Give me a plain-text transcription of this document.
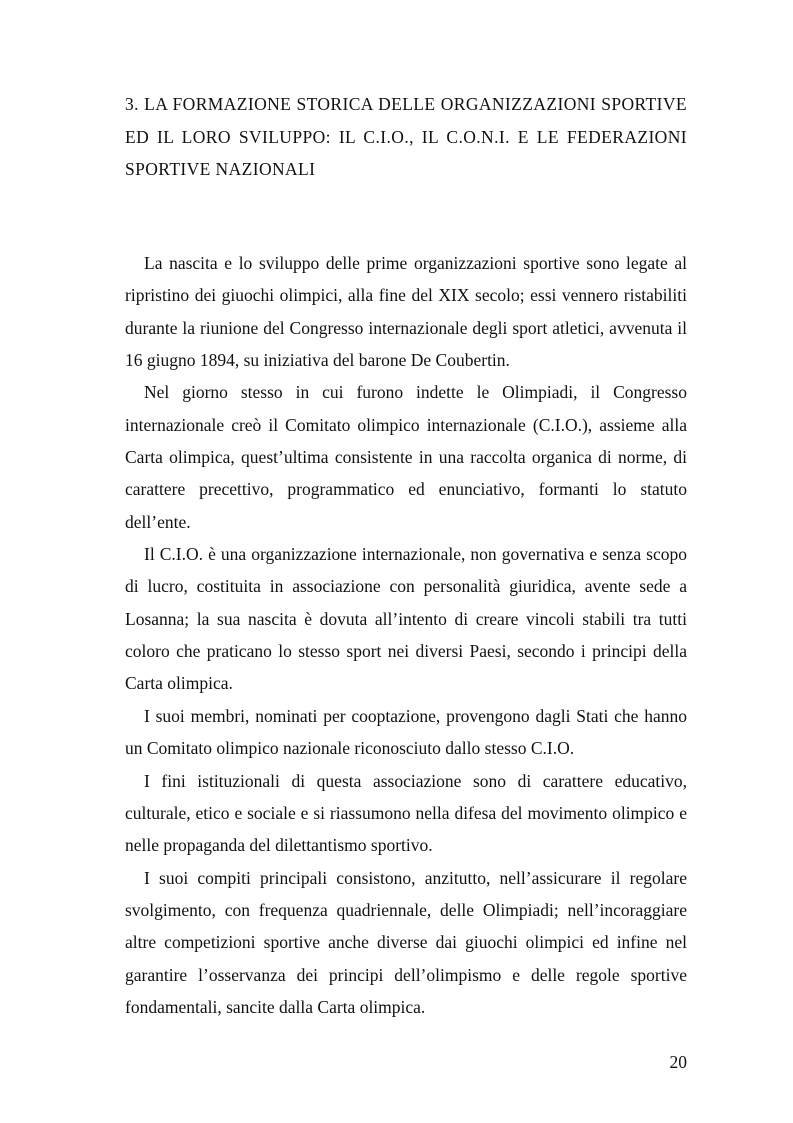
3. LA FORMAZIONE STORICA DELLE ORGANIZZAZIONI SPORTIVE ED IL LORO SVILUPPO: IL C.I.O., IL C.O.N.I. E LE FEDERAZIONI SPORTIVE NAZIONALI

La nascita e lo sviluppo delle prime organizzazioni sportive sono legate al ripristino dei giuochi olimpici, alla fine del XIX secolo; essi vennero ristabiliti durante la riunione del Congresso internazionale degli sport atletici, avvenuta il 16 giugno 1894, su iniziativa del barone De Coubertin.

Nel giorno stesso in cui furono indette le Olimpiadi, il Congresso internazionale creò il Comitato olimpico internazionale (C.I.O.), assieme alla Carta olimpica, quest’ultima consistente in una raccolta organica di norme, di carattere precettivo, programmatico ed enunciativo, formanti lo statuto dell’ente.

Il C.I.O. è una organizzazione internazionale, non governativa e senza scopo di lucro, costituita in associazione con personalità giuridica, avente sede a Losanna; la sua nascita è dovuta all’intento di creare vincoli stabili tra tutti coloro che praticano lo stesso sport nei diversi Paesi, secondo i principi della Carta olimpica.

I suoi membri, nominati per cooptazione, provengono dagli Stati che hanno un Comitato olimpico nazionale riconosciuto dallo stesso C.I.O.

I fini istituzionali di questa associazione sono di carattere educativo, culturale, etico e sociale e si riassumono nella difesa del movimento olimpico e nelle propaganda del dilettantismo sportivo.

I suoi compiti principali consistono, anzitutto, nell’assicurare il regolare svolgimento, con frequenza quadriennale, delle Olimpiadi; nell’incoraggiare altre competizioni sportive anche diverse dai giuochi olimpici ed infine nel garantire l’osservanza dei principi dell’olimpismo e delle regole sportive fondamentali, sancite dalla Carta olimpica.

20
